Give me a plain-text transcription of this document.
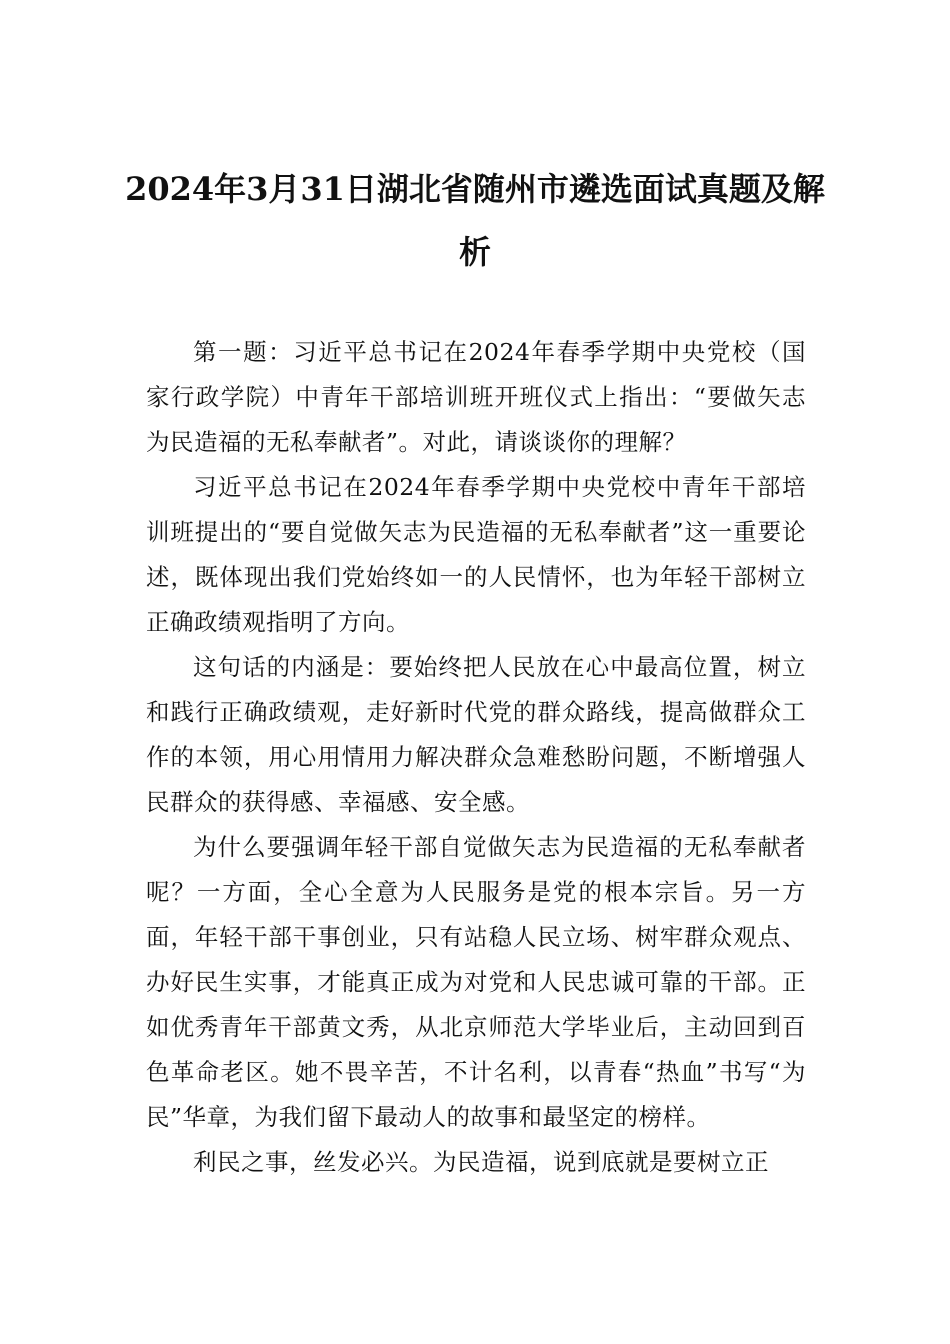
2024年3月31日湖北省随州市遴选面试真题及解析

第一题：习近平总书记在2024年春季学期中央党校（国家行政学院）中青年干部培训班开班仪式上指出：“要做矢志为民造福的无私奉献者”。对此，请谈谈你的理解？

习近平总书记在2024年春季学期中央党校中青年干部培训班提出的“要自觉做矢志为民造福的无私奉献者”这一重要论述，既体现出我们党始终如一的人民情怀，也为年轻干部树立正确政绩观指明了方向。

这句话的内涵是：要始终把人民放在心中最高位置，树立和践行正确政绩观，走好新时代党的群众路线，提高做群众工作的本领，用心用情用力解决群众急难愁盼问题，不断增强人民群众的获得感、幸福感、安全感。

为什么要强调年轻干部自觉做矢志为民造福的无私奉献者呢？一方面，全心全意为人民服务是党的根本宗旨。另一方面，年轻干部干事创业，只有站稳人民立场、树牢群众观点、办好民生实事，才能真正成为对党和人民忠诚可靠的干部。正如优秀青年干部黄文秀，从北京师范大学毕业后，主动回到百色革命老区。她不畏辛苦，不计名利，以青春“热血”书写“为民”华章，为我们留下最动人的故事和最坚定的榜样。

利民之事，丝发必兴。为民造福，说到底就是要树立正
